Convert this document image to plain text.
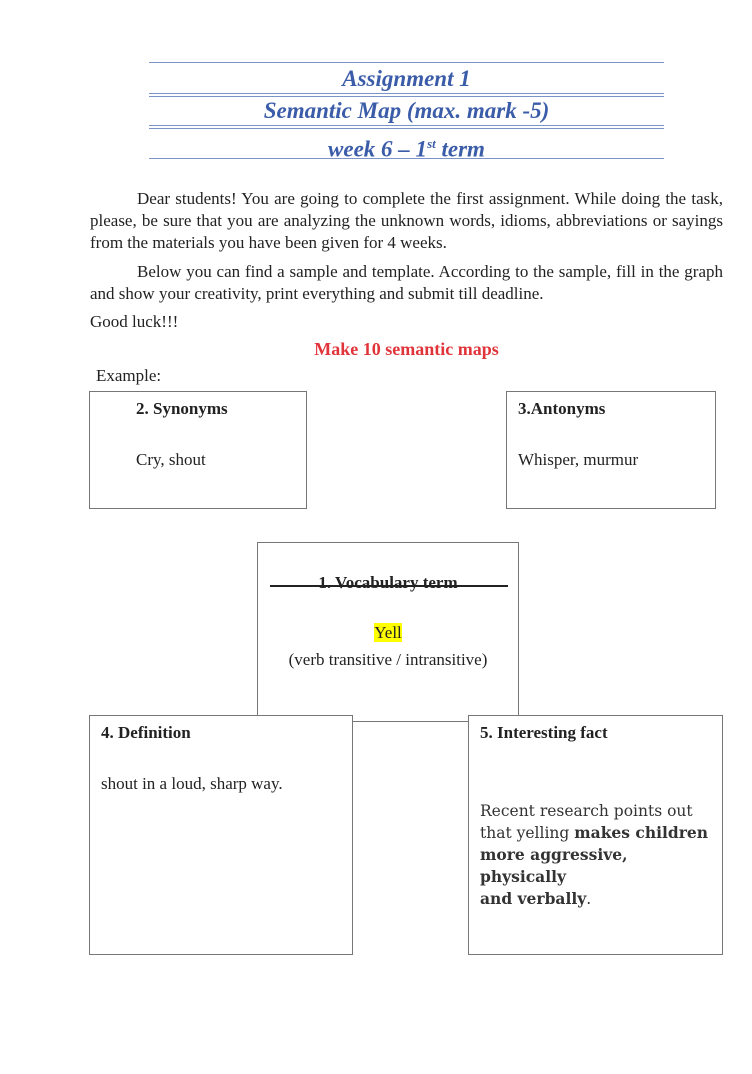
Assignment 1
Semantic Map (max. mark -5)
week 6 – 1st term
Dear students! You are going to complete the first assignment. While doing the task, please, be sure that you are analyzing the unknown words, idioms, abbreviations or sayings from the materials you have been given for 4 weeks.
Below you can find a sample and template. According to the sample, fill in the graph and show your creativity, print everything and submit till deadline.
Good luck!!!
Make 10 semantic maps
Example:
2. Synonyms
Cry, shout
3.Antonyms
Whisper, murmur
1. Vocabulary term
Yell
(verb transitive / intransitive)
4. Definition
shout in a loud, sharp way.
5. Interesting fact
Recent research points out
that yelling makes children
more aggressive, physically
and verbally.
